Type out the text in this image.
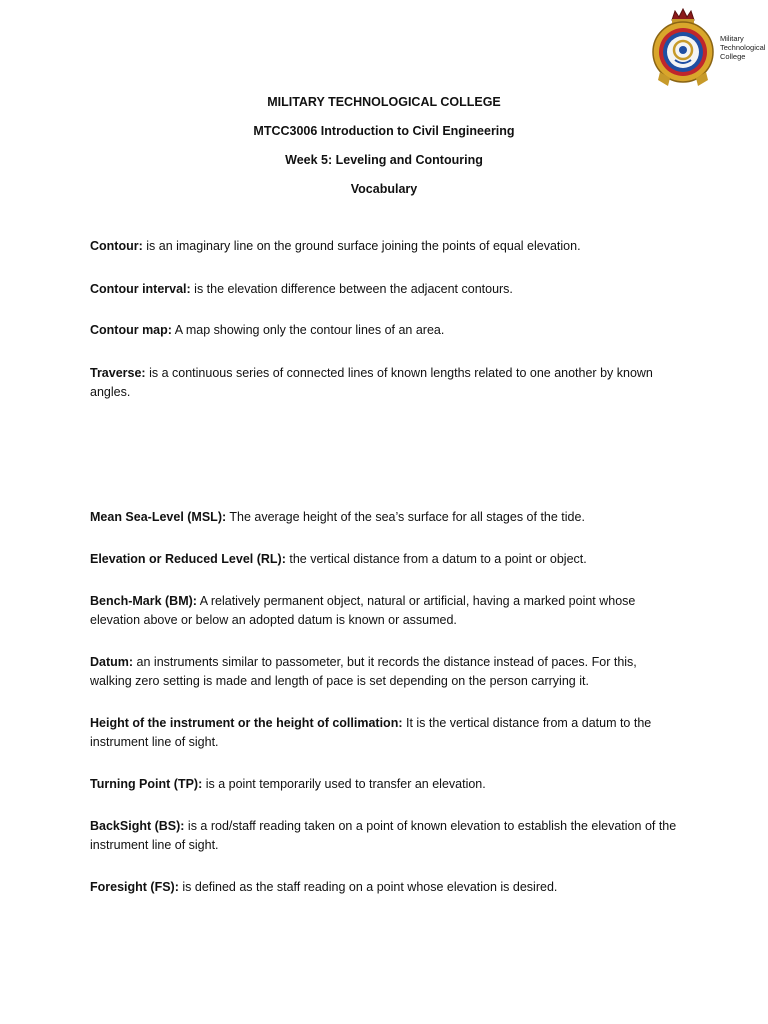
Military
Technological
College
MILITARY TECHNOLOGICAL COLLEGE
MTCC3006 Introduction to Civil Engineering
Week 5: Leveling and Contouring
Vocabulary
Contour: is an imaginary line on the ground surface joining the points of equal elevation.
Contour interval: is the elevation difference between the adjacent contours.
Contour map: A map showing only the contour lines of an area.
Traverse: is a continuous series of connected lines of known lengths related to one another by known angles.
Mean Sea-Level (MSL): The average height of the sea’s surface for all stages of the tide.
Elevation or Reduced Level (RL): the vertical distance from a datum to a point or object.
Bench-Mark (BM): A relatively permanent object, natural or artificial, having a marked point whose elevation above or below an adopted datum is known or assumed.
Datum: an instruments similar to passometer, but it records the distance instead of paces. For this, walking zero setting is made and length of pace is set depending on the person carrying it.
Height of the instrument or the height of collimation: It is the vertical distance from a datum to the instrument line of sight.
Turning Point (TP): is a point temporarily used to transfer an elevation.
BackSight (BS): is a rod/staff reading taken on a point of known elevation to establish the elevation of the instrument line of sight.
Foresight (FS): is defined as the staff reading on a point whose elevation is desired.
